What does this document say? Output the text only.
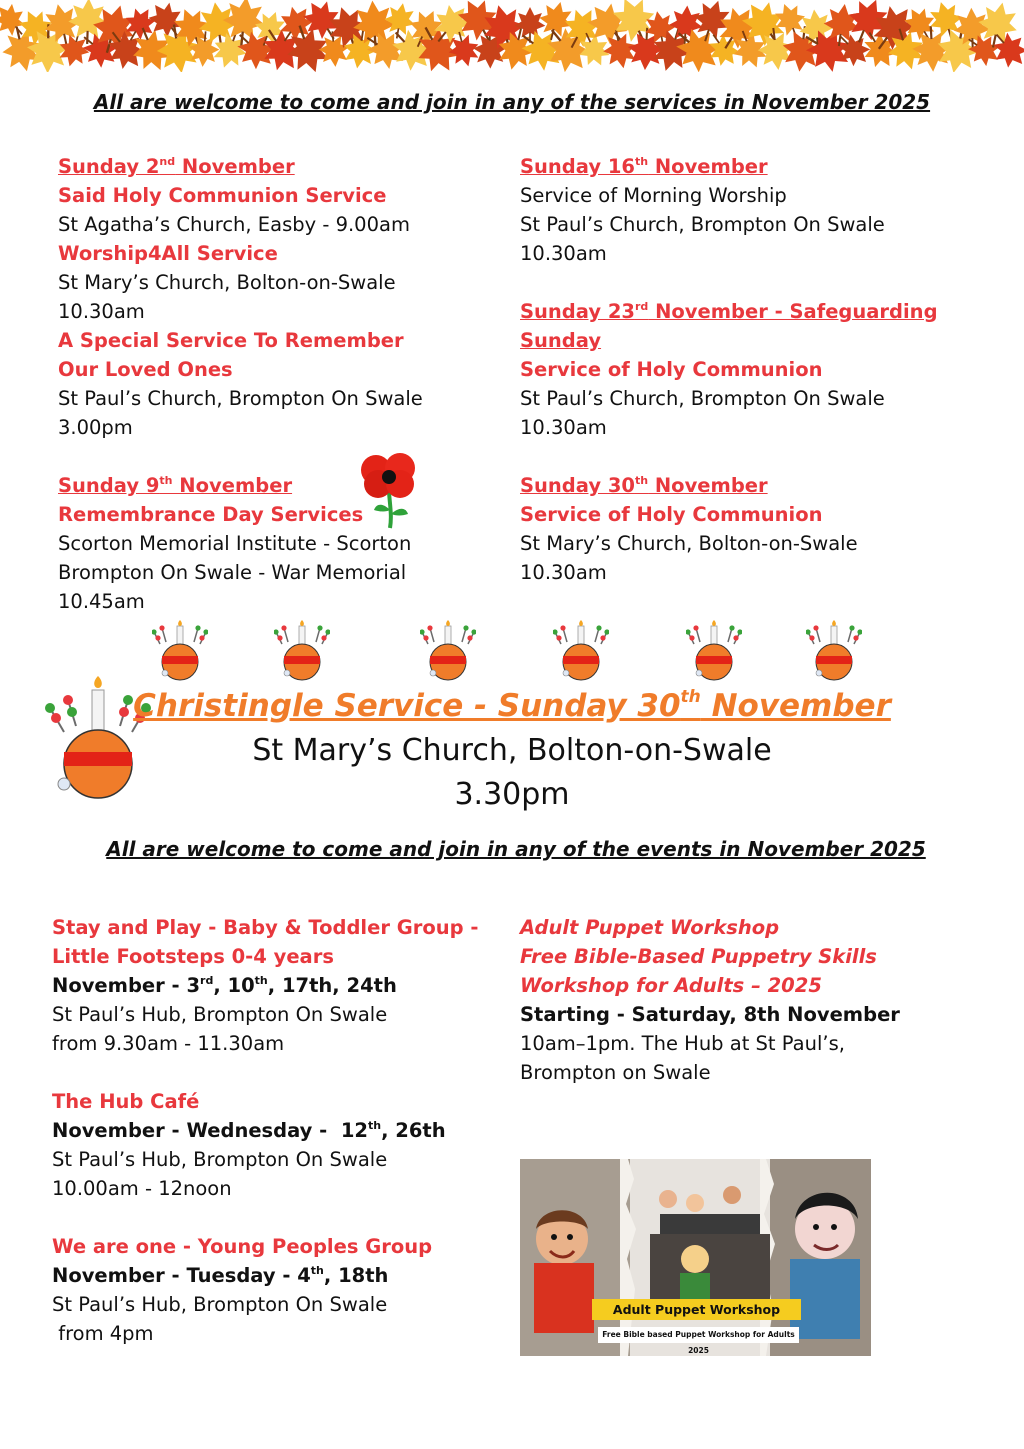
All are welcome to come and join in any of the services in November 2025
Sunday 2nd November
Said Holy Communion Service
St Agatha’s Church, Easby - 9.00am
Worship4All Service
St Mary’s Church, Bolton-on-Swale
10.30am
A Special Service To Remember
Our Loved Ones
St Paul’s Church, Brompton On Swale
3.00pm
Sunday 9th November
Remembrance Day Services
Scorton Memorial Institute - Scorton
Brompton On Swale - War Memorial
10.45am
Sunday 16th November
Service of Morning Worship
St Paul’s Church, Brompton On Swale
10.30am
Sunday 23rd November - Safeguarding
Sunday
Service of Holy Communion
St Paul’s Church, Brompton On Swale
10.30am
Sunday 30th November
Service of Holy Communion
St Mary’s Church, Bolton-on-Swale
10.30am
Christingle Service - Sunday 30th November
St Mary’s Church, Bolton-on-Swale
3.30pm
All are welcome to come and join in any of the events in November 2025
Stay and Play - Baby & Toddler Group -
Little Footsteps 0-4 years
November - 3rd, 10th, 17th, 24th
St Paul’s Hub, Brompton On Swale
from 9.30am - 11.30am
The Hub Café
November - Wednesday -  12th, 26th
St Paul’s Hub, Brompton On Swale
10.00am - 12noon
We are one - Young Peoples Group
November - Tuesday - 4th, 18th
St Paul’s Hub, Brompton On Swale
from 4pm
Adult Puppet Workshop
Free Bible-Based Puppetry Skills
Workshop for Adults – 2025
Starting - Saturday, 8th November
10am–1pm. The Hub at St Paul’s,
Brompton on Swale
Adult Puppet Workshop
Free Bible based Puppet Workshop for Adults 2025
